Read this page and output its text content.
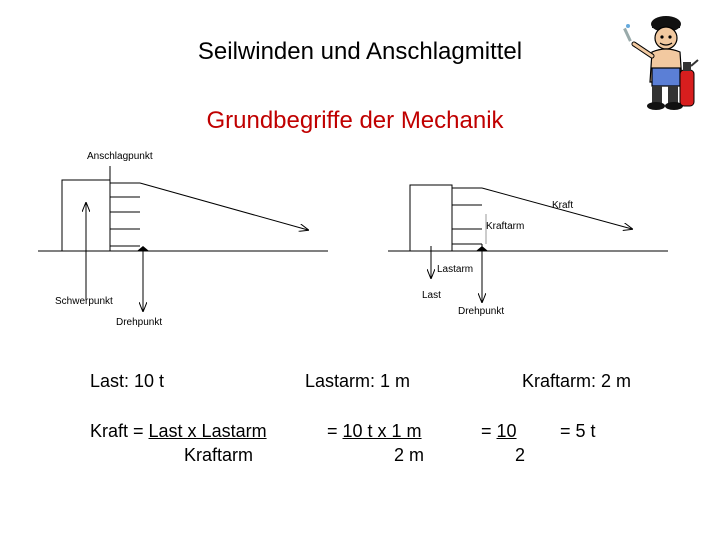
Seilwinden und Anschlagmittel
Grundbegriffe der Mechanik
Anschlagpunkt
Schwerpunkt
Drehpunkt
Kraft
Kraftarm
Lastarm
Last
Drehpunkt
Last: 10 t	Lastarm: 1 m	Kraftarm: 2 m
Kraft = Last x Lastarm
Kraftarm
= 10 t x 1 m
2 m
= 10
2
= 5 t
